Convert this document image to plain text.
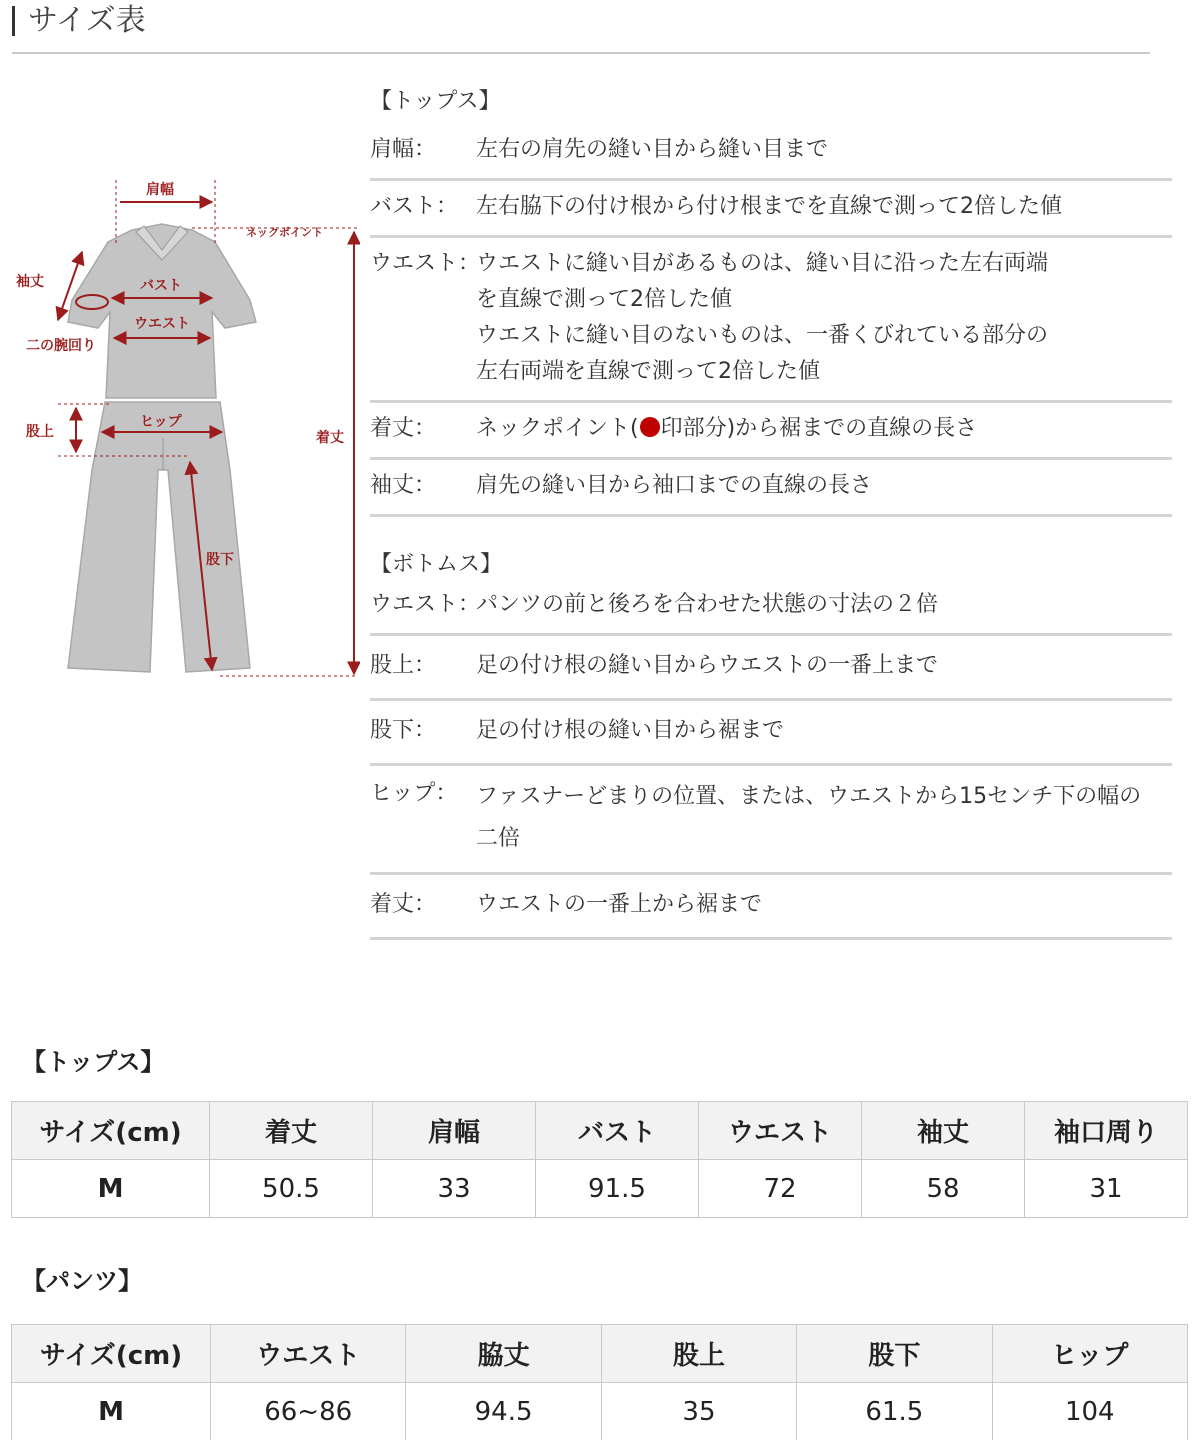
サイズ表
肩幅
ネックポイント
袖丈	バスト
ウエスト
二の腕回り
股上
ヒップ
着丈
股下
【トップス】
肩幅：	左右の肩先の縫い目から縫い目まで
バスト： 左右脇下の付け根から付け根までを直線で測って2倍した値
ウエスト：
ウエストに縫い目があるものは、縫い目に沿った左右両端
を直線で測って2倍した値
ウエストに縫い目のないものは、一番くびれている部分の
左右両端を直線で測って2倍した値
着丈：	ネックポイント( 印部分)から裾までの直線の長さ
袖丈：	肩先の縫い目から袖口までの直線の長さ
【ボトムス】
ウエスト：
パンツの前と後ろを合わせた状態の寸法の２倍
股上：	足の付け根の縫い目からウエストの一番上まで
股下：	足の付け根の縫い目から裾まで
ヒップ： ファスナーどまりの位置、または、ウエストから15センチ下の幅の
二倍
着丈：	ウエストの一番上から裾まで
【トップス】
サイズ(cm)	着丈	肩幅	バスト	ウエスト	袖丈	袖口周り
M	50.5	33	91.5	72	58	31
【パンツ】
サイズ(cm)	ウエスト	脇丈	股上	股下	ヒップ
M	66~86	94.5	35	61.5	104
